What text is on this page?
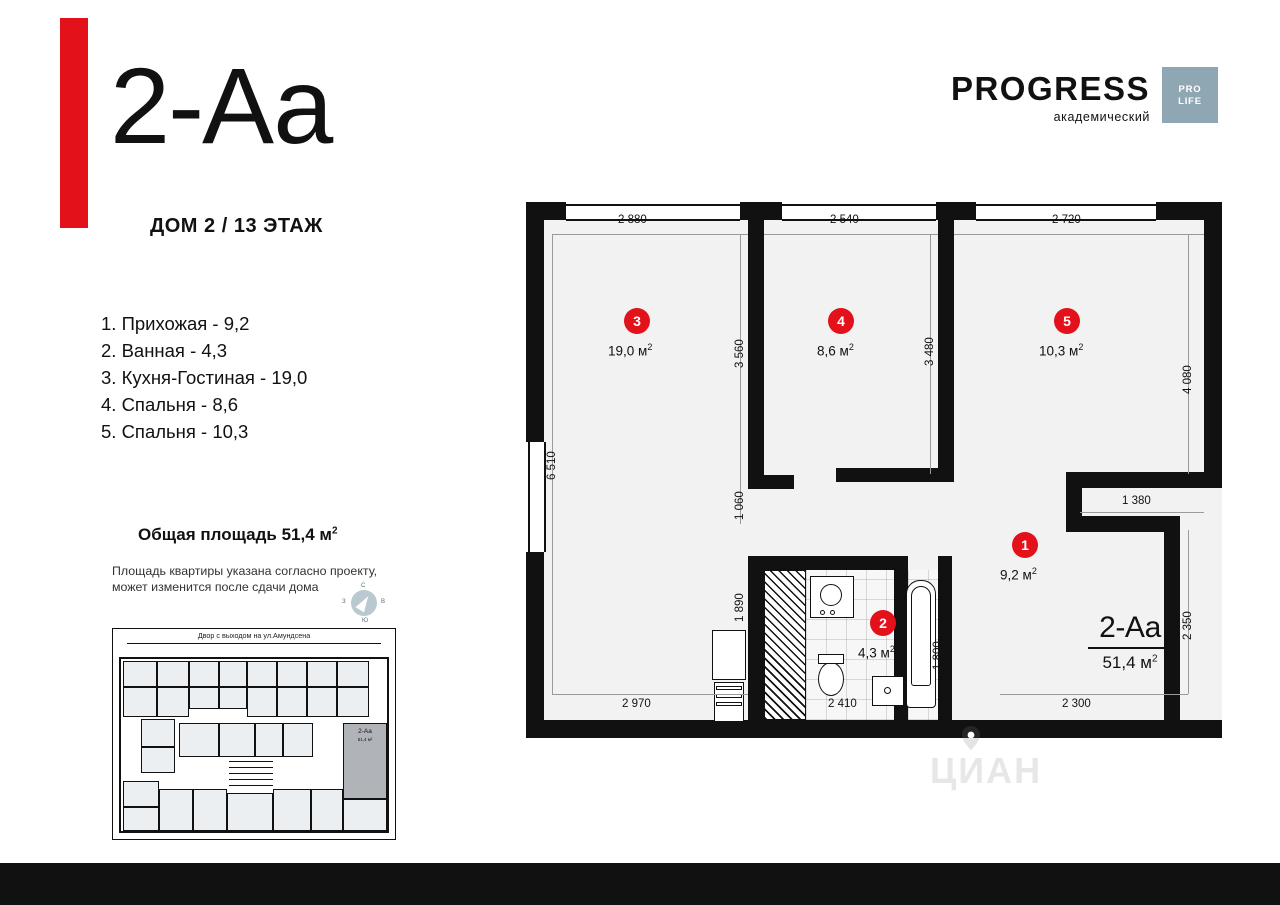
2-Аа
ДОМ 2 / 13 ЭТАЖ
1. Прихожая - 9,2
2. Ванная - 4,3
3. Кухня-Гостиная - 19,0
4. Спальня - 8,6
5. Спальня - 10,3
Общая площадь 51,4 $м^2$
Площадь квартиры указана согласно проекту, может изменится после сдачи дома	С
В
Ю
З
Двор с выходом на ул.Амундсена
2-Аа
51,4 м²
PROGRESS
академический
PRO
LIFE
3
19,0 $м^2$
4
8,6 $м^2$
5
10,3 $м^2$
1
9,2 $м^2$
2
4,3 $м^2$
2 880	2 540	2 720
6 510
3 560
1 060
1 890
3 480
4 080
2 350
1 380
1 800
2 970	2 410	2 300
2-Аа
51,4 $м^2$
ЦИАН
